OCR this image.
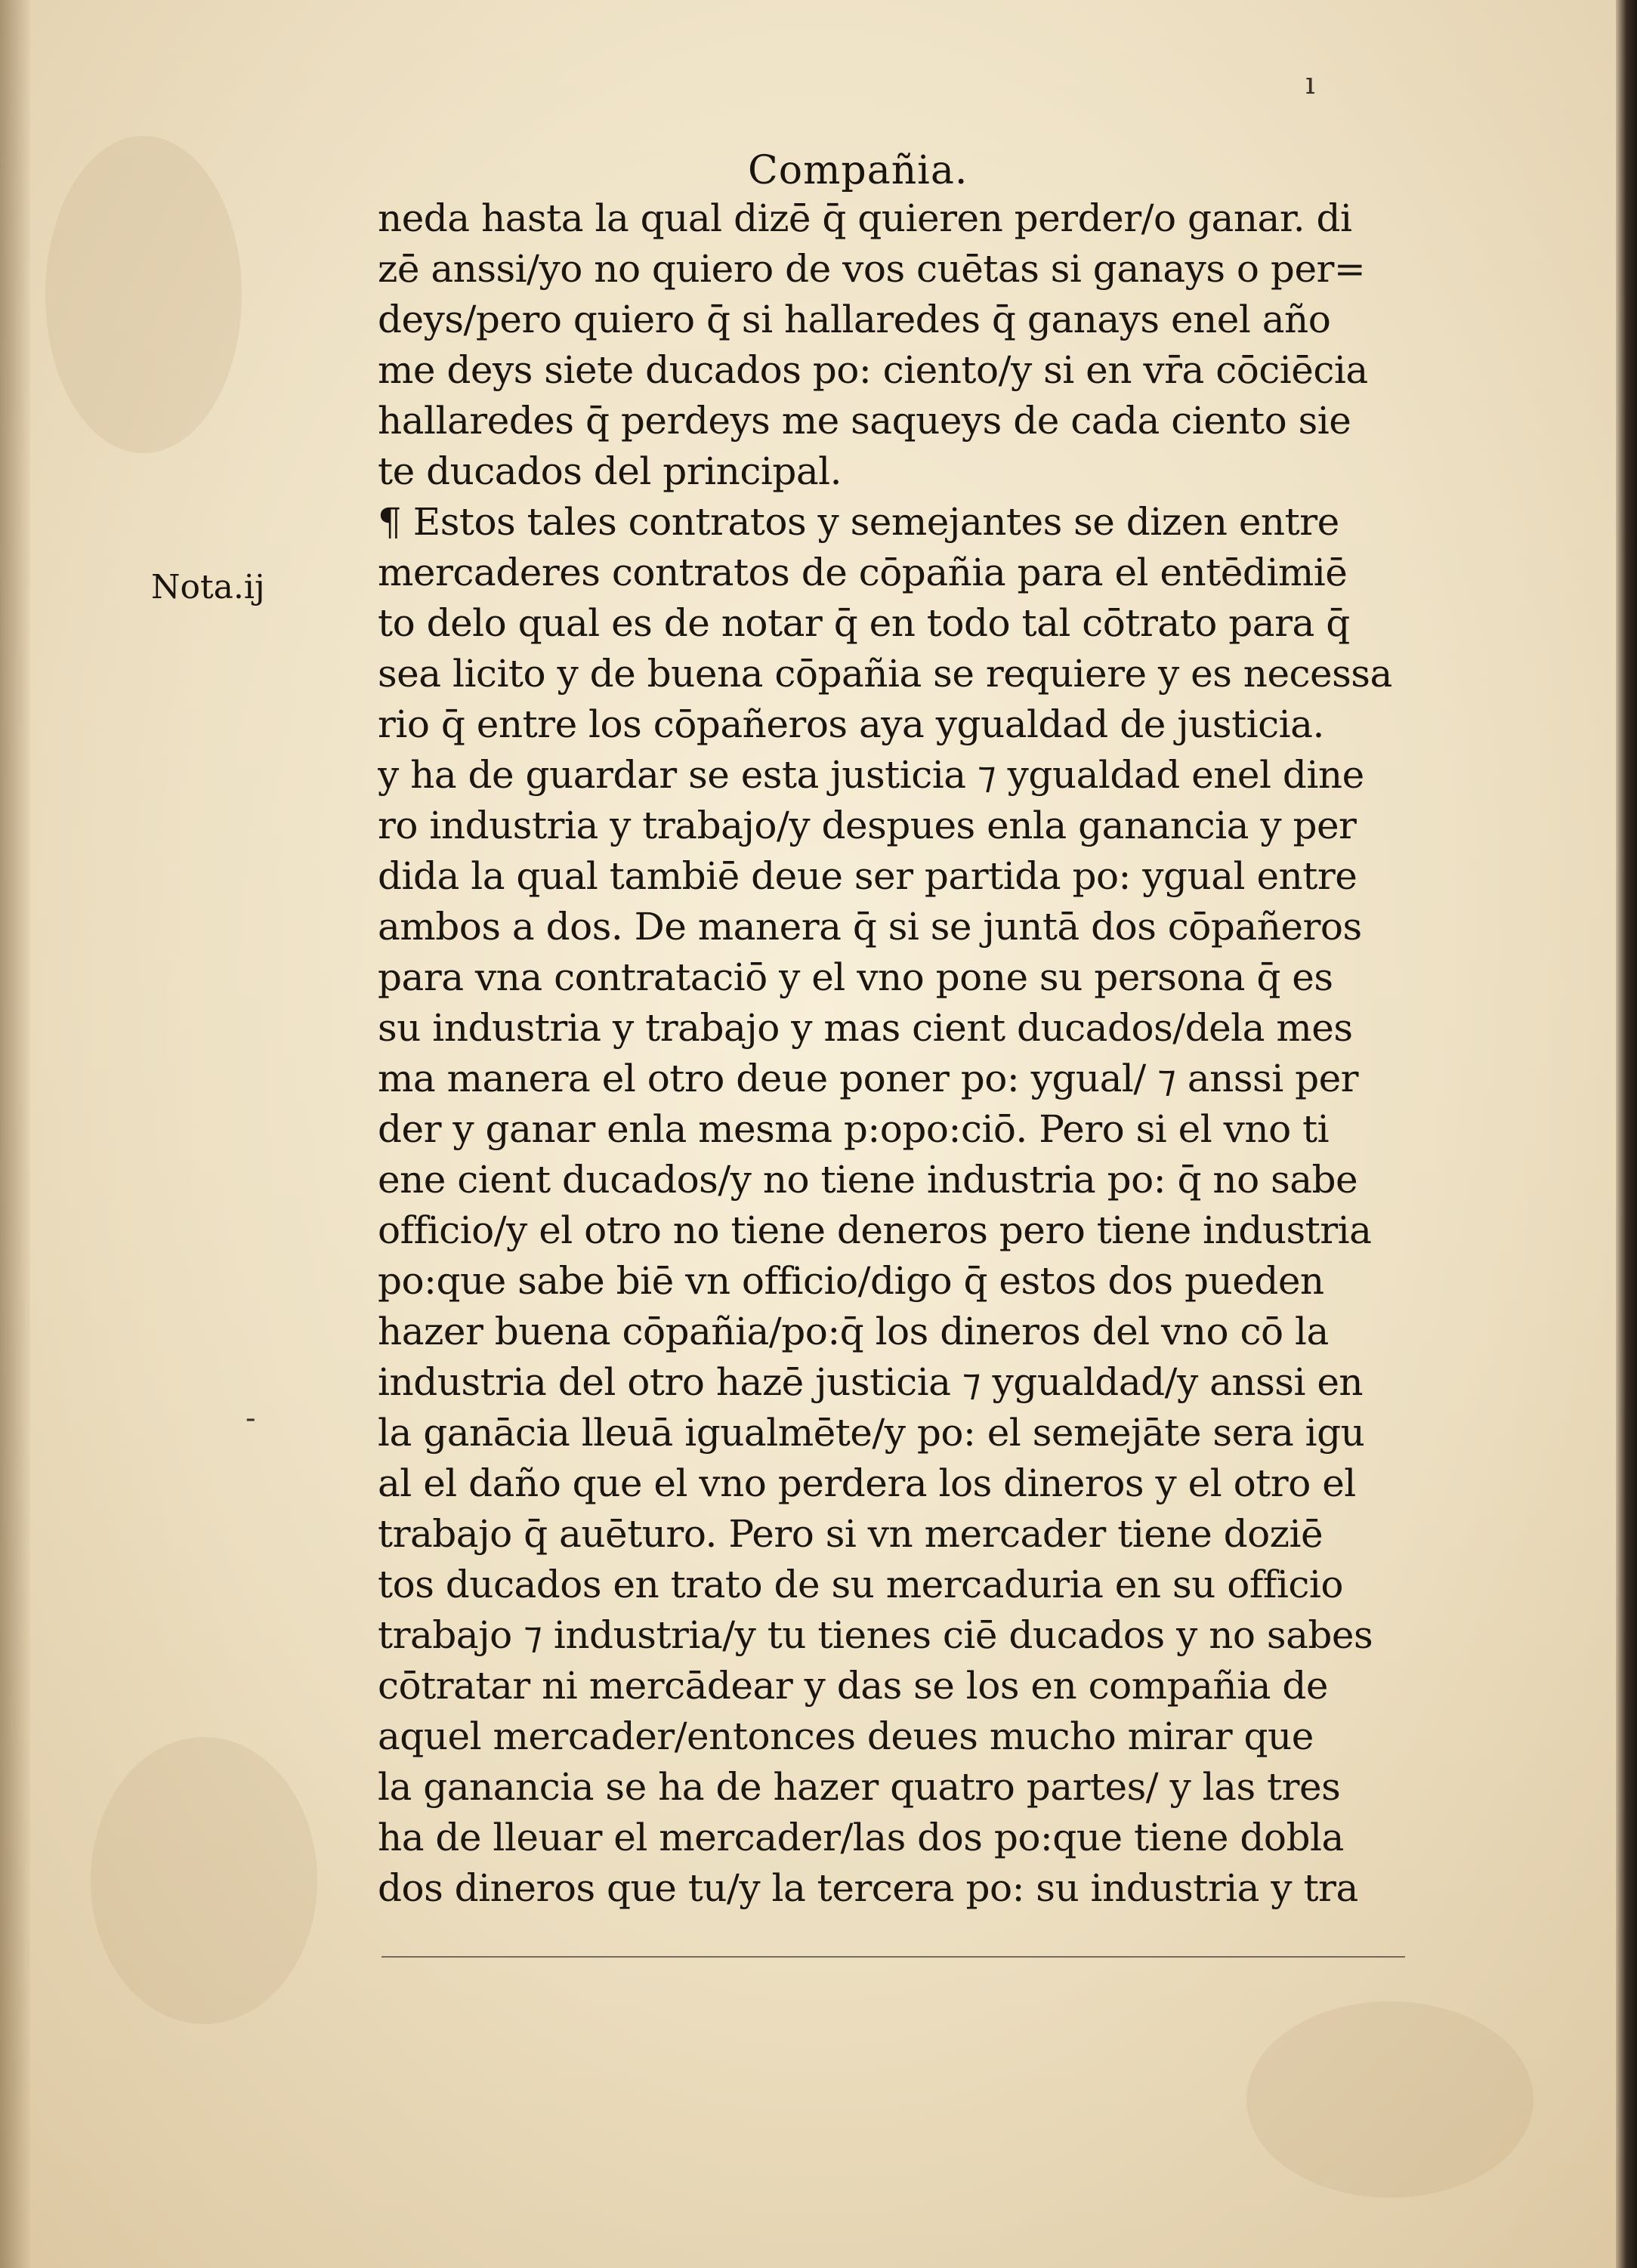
ı
-
Compañia.
Nota.ij
neda hasta la qual dizē q̄ quieren perder/o ganar. di
zē anssi/yo no quiero de vos cuētas si ganays o per=
deys/pero quiero q̄ si hallaredes q̄ ganays enel año
me deys siete ducados po: ciento/y si en vr̄a cōciēcia
hallaredes q̄ perdeys me saqueys de cada ciento sie
te ducados del principal.
¶ Estos tales contratos y semejantes se dizen entre
mercaderes contratos de cōpañia para el entēdimiē
to delo qual es de notar q̄ en todo tal cōtrato para q̄
sea licito y de buena cōpañia se requiere y es necessa
rio q̄ entre los cōpañeros aya ygualdad de justicia.
y ha de guardar se esta justicia ⁊ ygualdad enel dine
ro industria y trabajo/y despues enla ganancia y per
dida la qual tambiē deue ser partida po: ygual entre
ambos a dos. De manera q̄ si se juntā dos cōpañeros
para vna contrataciō y el vno pone su persona q̄ es
su industria y trabajo y mas cient ducados/dela mes
ma manera el otro deue poner po: ygual/ ⁊ anssi per
der y ganar enla mesma p:opo:ciō. Pero si el vno ti
ene cient ducados/y no tiene industria po: q̄ no sabe
officio/y el otro no tiene deneros pero tiene industria
po:que sabe biē vn officio/digo q̄ estos dos pueden
hazer buena cōpañia/po:q̄ los dineros del vno cō la
industria del otro hazē justicia ⁊ ygualdad/y anssi en
la ganācia lleuā igualmēte/y po: el semejāte sera igu
al el daño que el vno perdera los dineros y el otro el
trabajo q̄ auēturo. Pero si vn mercader tiene doziē
tos ducados en trato de su mercaduria en su officio
trabajo ⁊ industria/y tu tienes ciē ducados y no sabes
cōtratar ni mercādear y das se los en compañia de
aquel mercader/entonces deues mucho mirar que
la ganancia se ha de hazer quatro partes/ y las tres
ha de lleuar el mercader/las dos po:que tiene dobla
dos dineros que tu/y la tercera po: su industria y tra
